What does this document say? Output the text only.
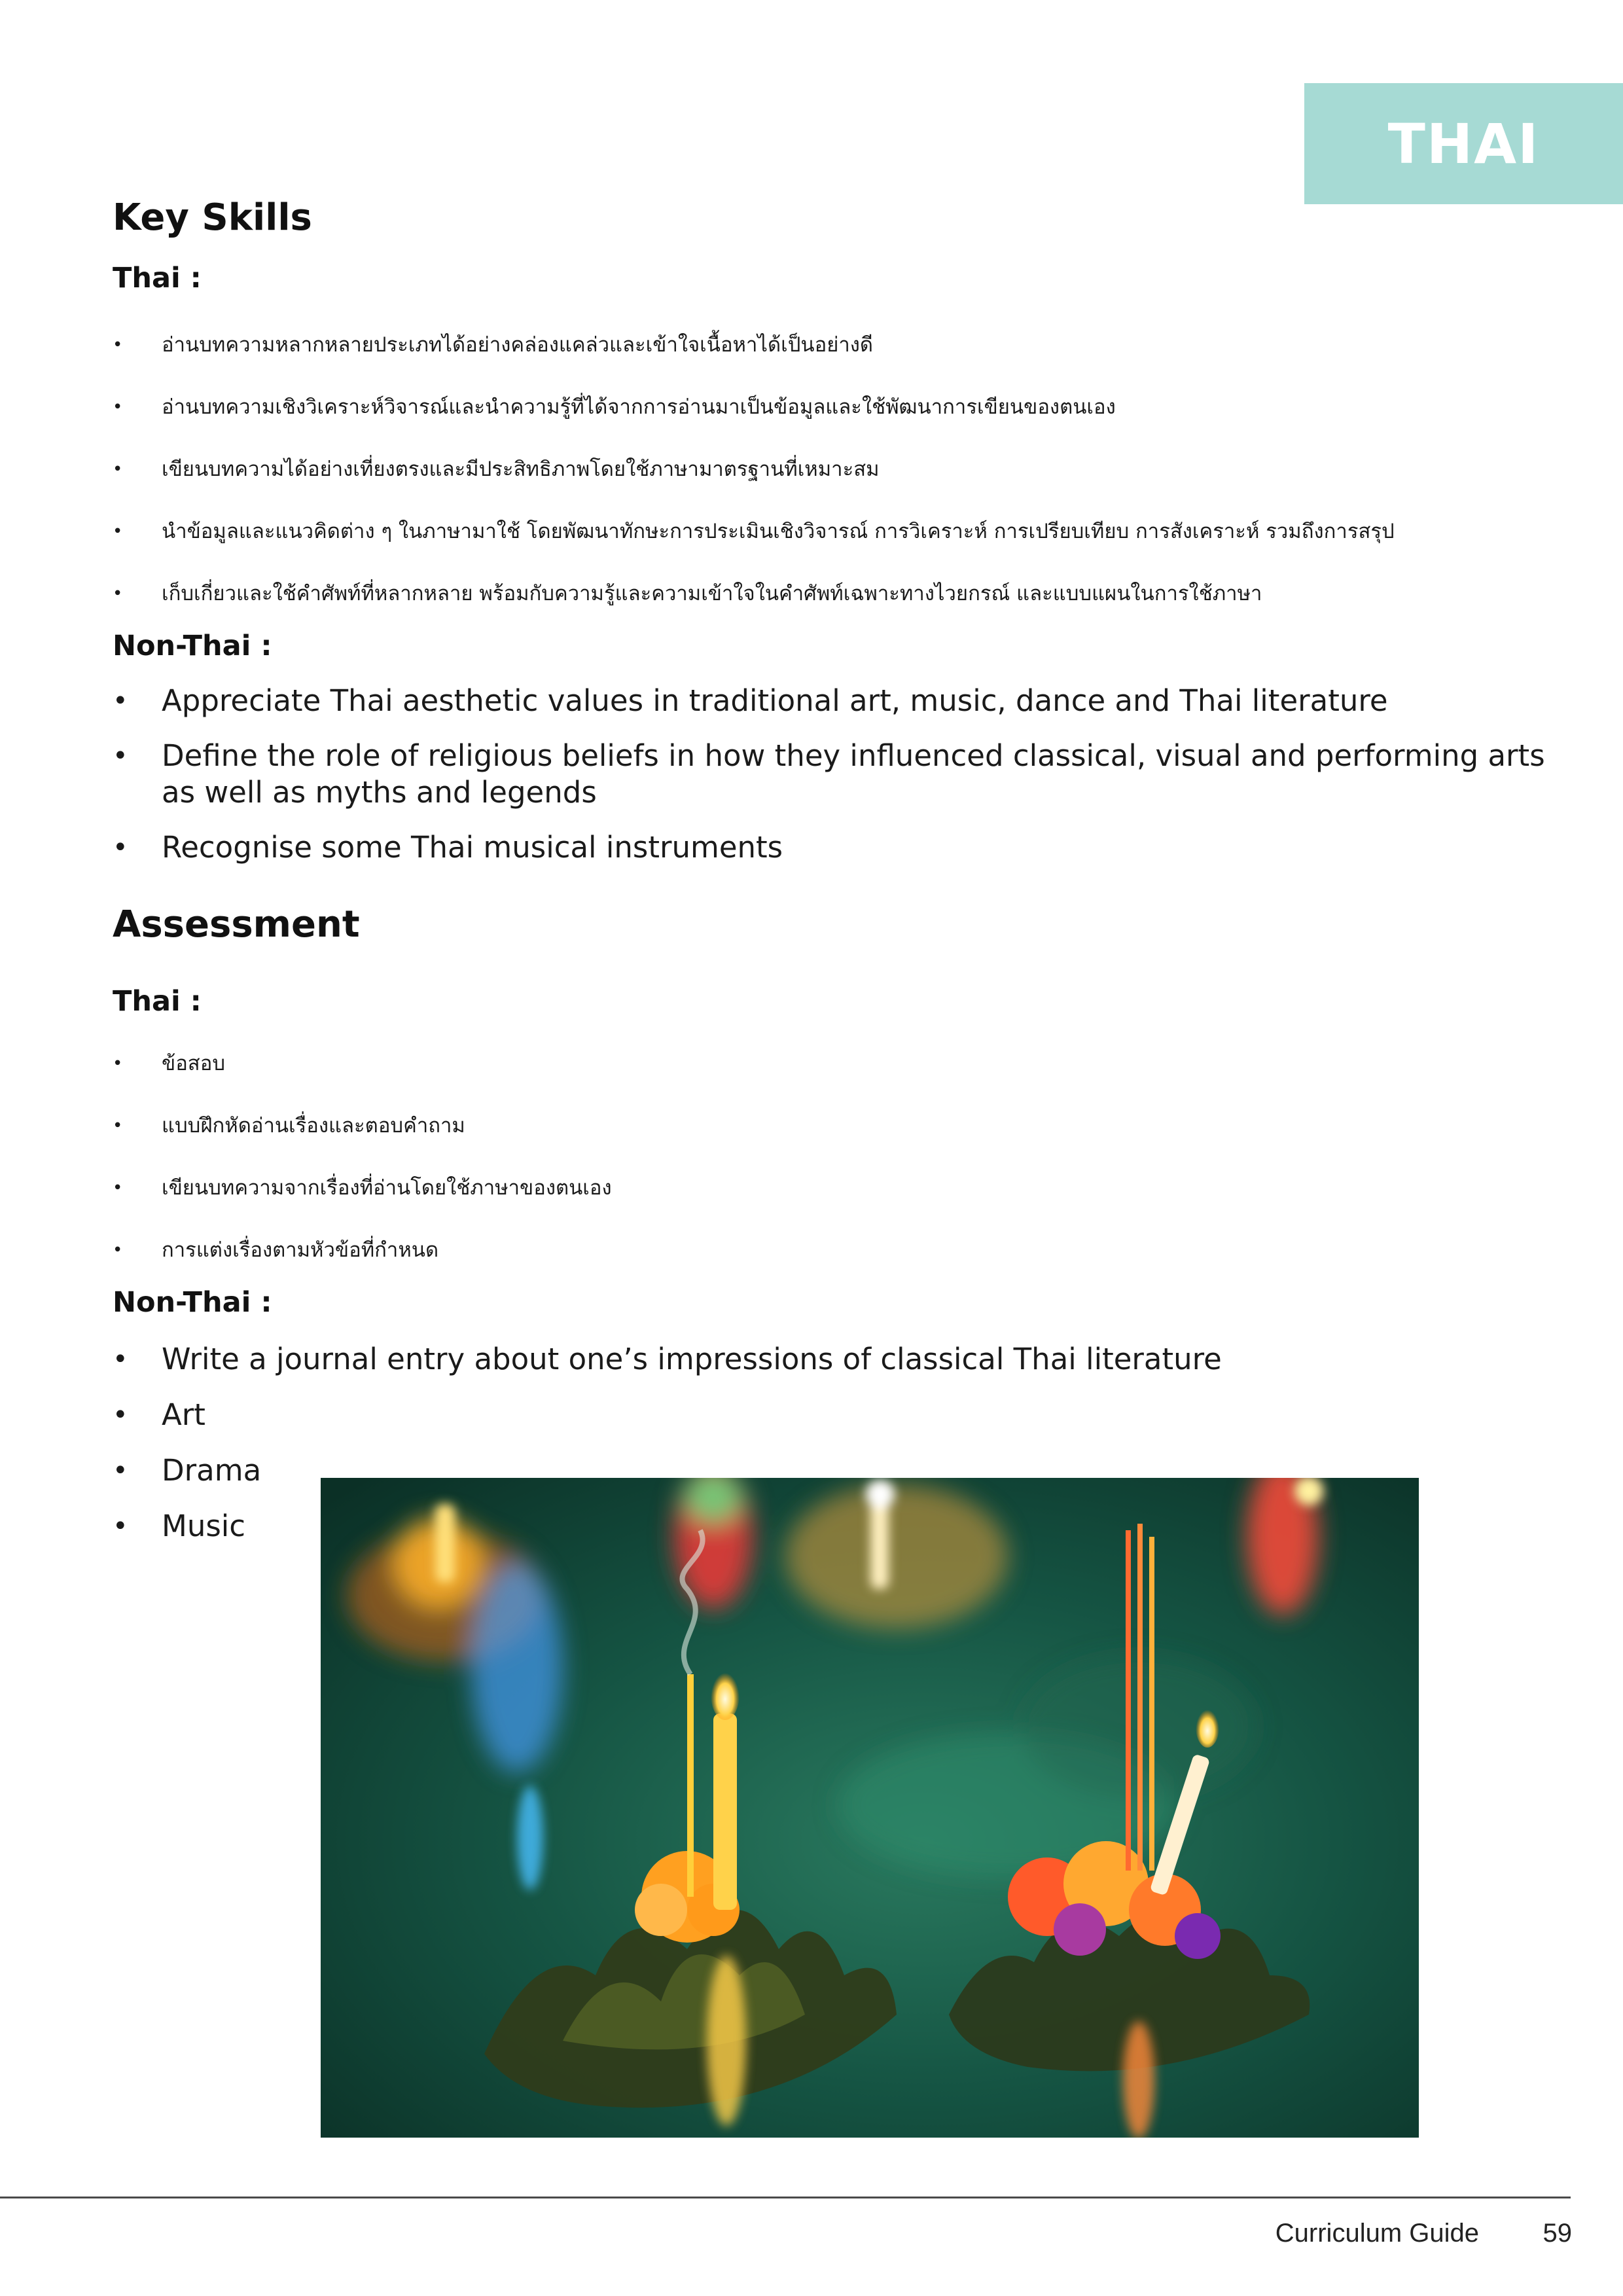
THAI
Key Skills
Thai :
• อ่านบทความหลากหลายประเภทได้อย่างคล่องแคล่วและเข้าใจเนื้อหาได้เป็นอย่างดี
• อ่านบทความเชิงวิเคราะห์วิจารณ์และนำความรู้ที่ได้จากการอ่านมาเป็นข้อมูลและใช้พัฒนาการเขียนของตนเอง
• เขียนบทความได้อย่างเที่ยงตรงและมีประสิทธิภาพโดยใช้ภาษามาตรฐานที่เหมาะสม
• นำข้อมูลและแนวคิดต่าง ๆ ในภาษามาใช้ โดยพัฒนาทักษะการประเมินเชิงวิจารณ์ การวิเคราะห์ การเปรียบเทียบ การสังเคราะห์ รวมถึงการสรุป
• เก็บเกี่ยวและใช้คำศัพท์ที่หลากหลาย พร้อมกับความรู้และความเข้าใจในคำศัพท์เฉพาะทางไวยกรณ์ และแบบแผนในการใช้ภาษา
Non-Thai :
• Appreciate Thai aesthetic values in traditional art, music, dance and Thai literature
• Define the role of religious beliefs in how they influenced classical, visual and performing arts as well as myths and legends
• Recognise some Thai musical instruments
Assessment
Thai :
• ข้อสอบ
• แบบฝึกหัดอ่านเรื่องและตอบคำถาม
• เขียนบทความจากเรื่องที่อ่านโดยใช้ภาษาของตนเอง
• การแต่งเรื่องตามหัวข้อที่กำหนด
Non-Thai :
• Write a journal entry about one’s impressions of classical Thai literature
• Art
• Drama
• Music
Curriculum Guide 59
